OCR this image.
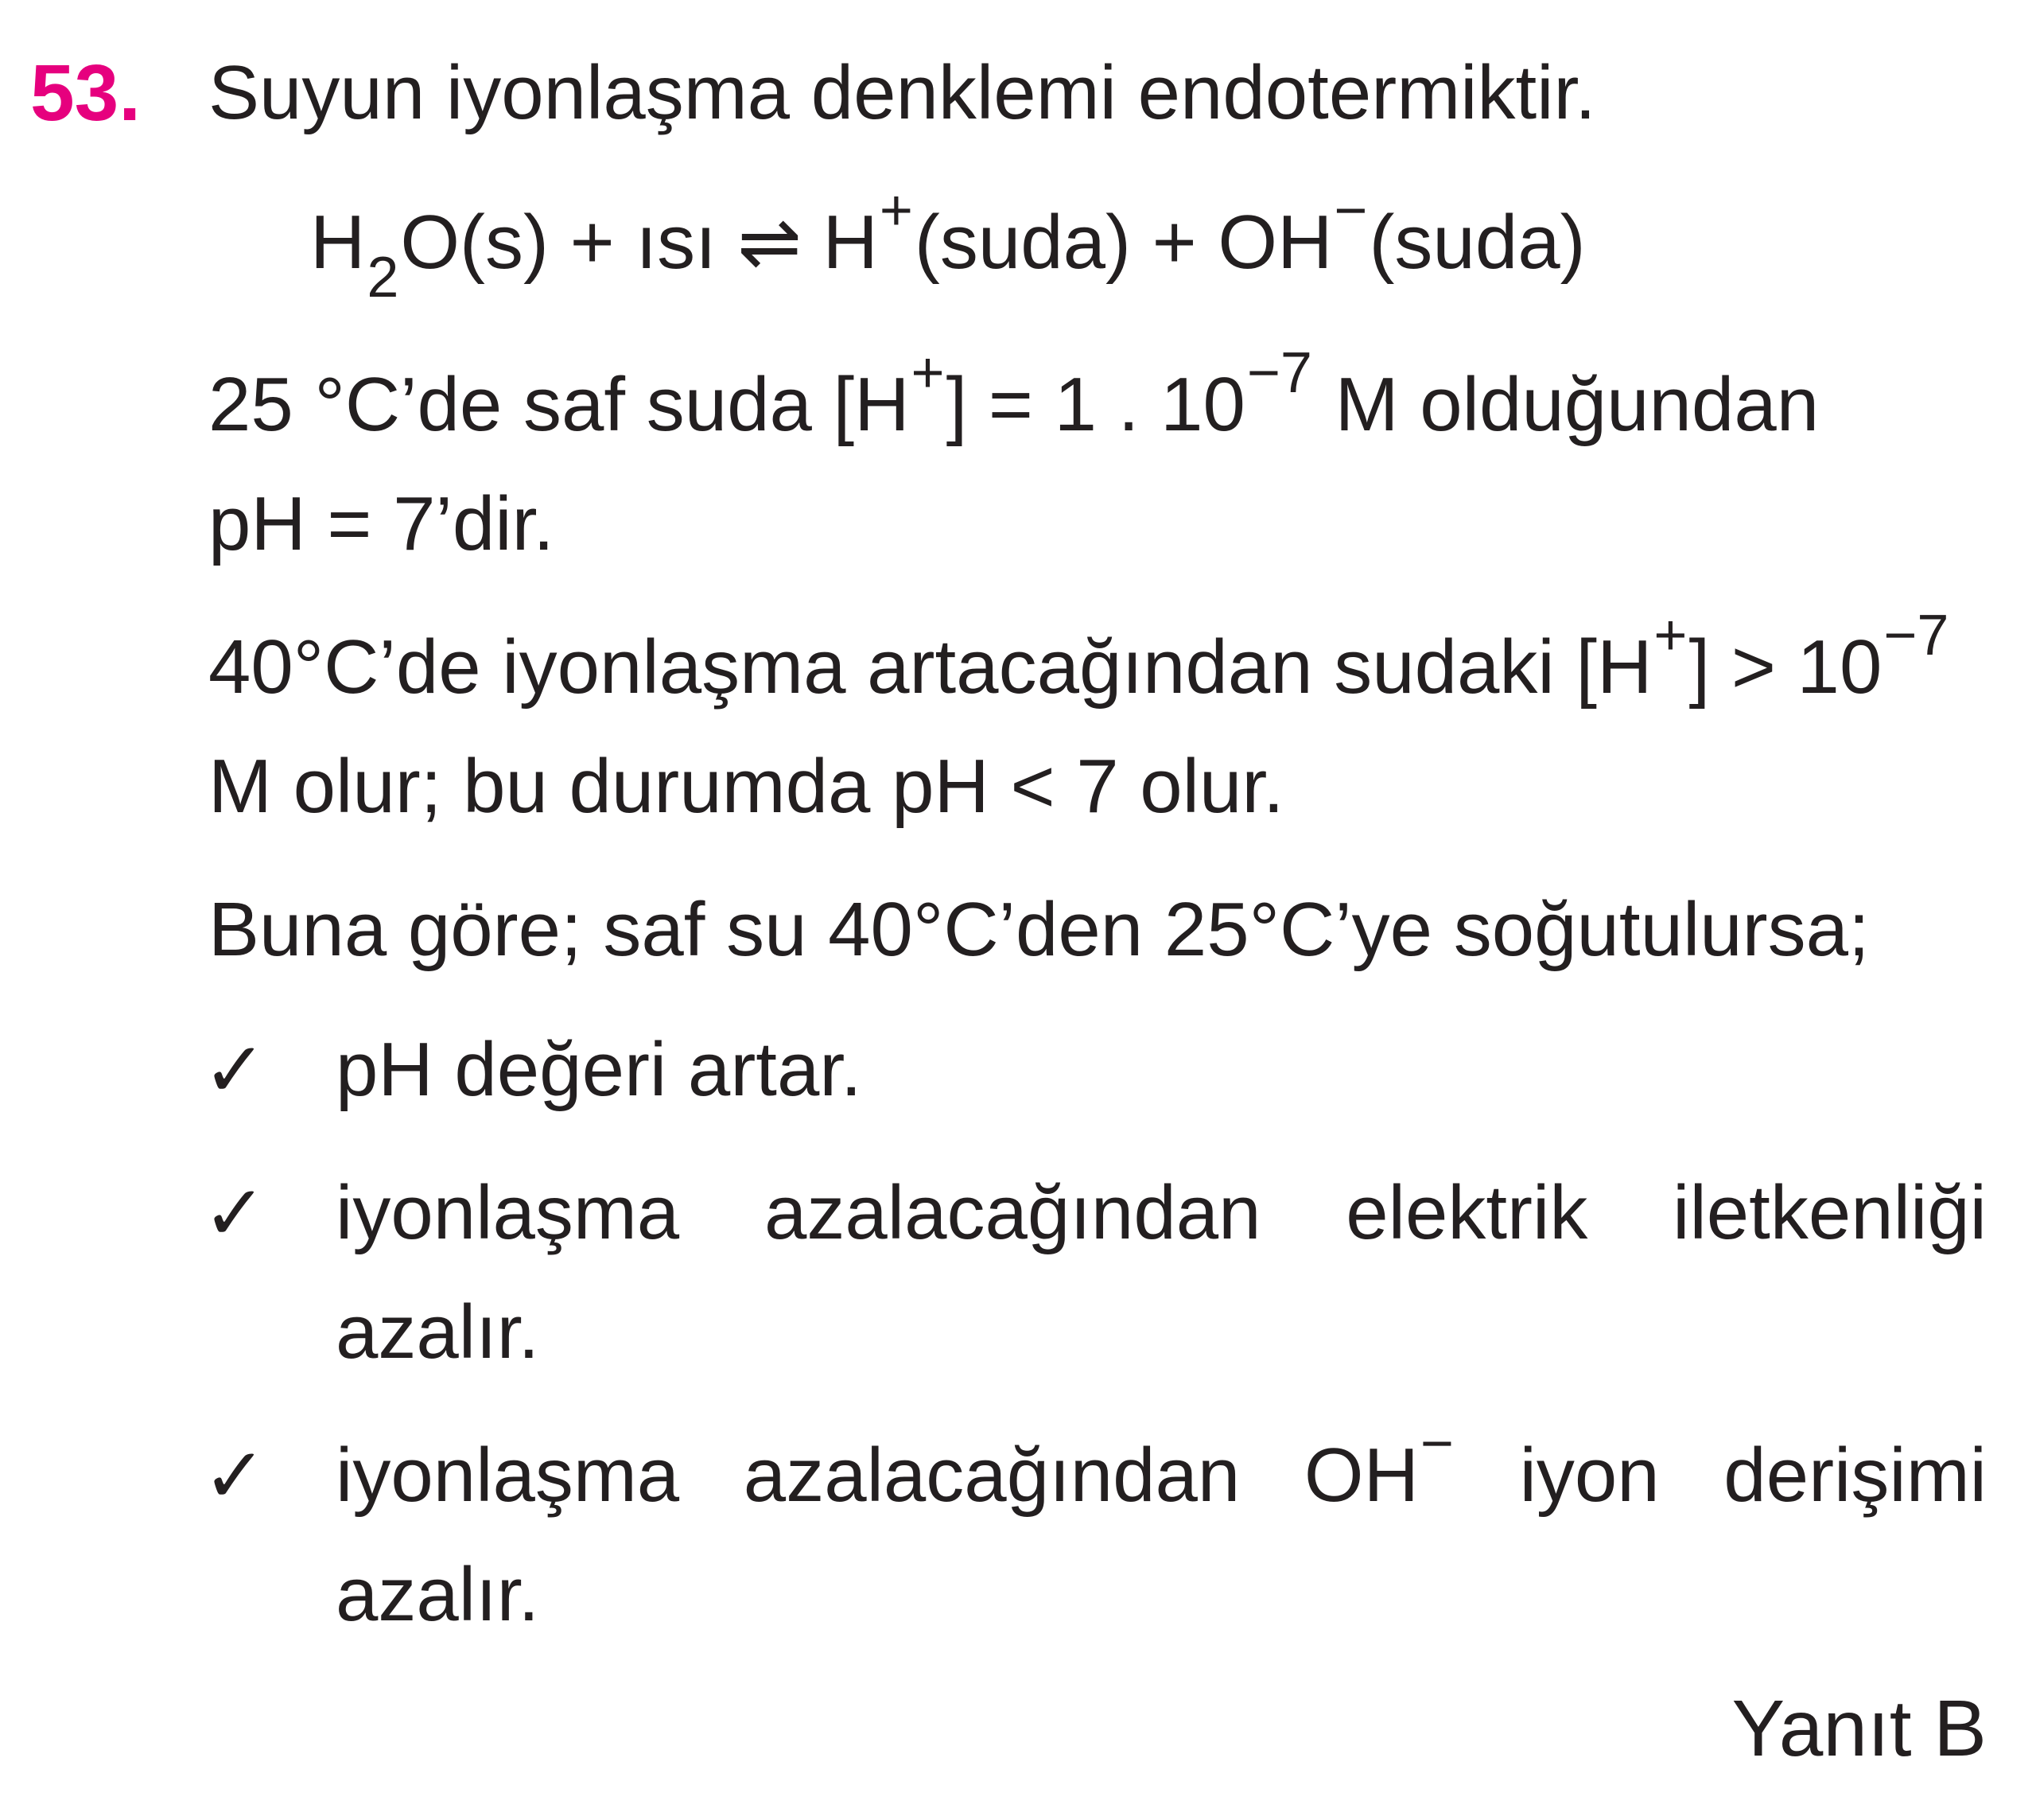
53. Suyun iyonlaşma denklemi endotermiktir.
$H_2O(s)$ + ısı ⇌ H+(suda) + OH−(suda)
25 °C’de saf suda [H+] = 1 . $10^{-7}$ M olduğundan
pH = 7’dir.
40°C’de iyonlaşma artacağından sudaki $[H^+] > 10^{-7}$
M olur; bu durumda pH < 7 olur.
Buna göre; saf su 40°C’den 25°C’ye soğutulursa;
✓ pH değeri artar.
✓ iyonlaşma azalacağından elektrik iletkenliği
azalır.
✓ iyonlaşma azalacağından OH− iyon derişimi
azalır.
Yanıt B
